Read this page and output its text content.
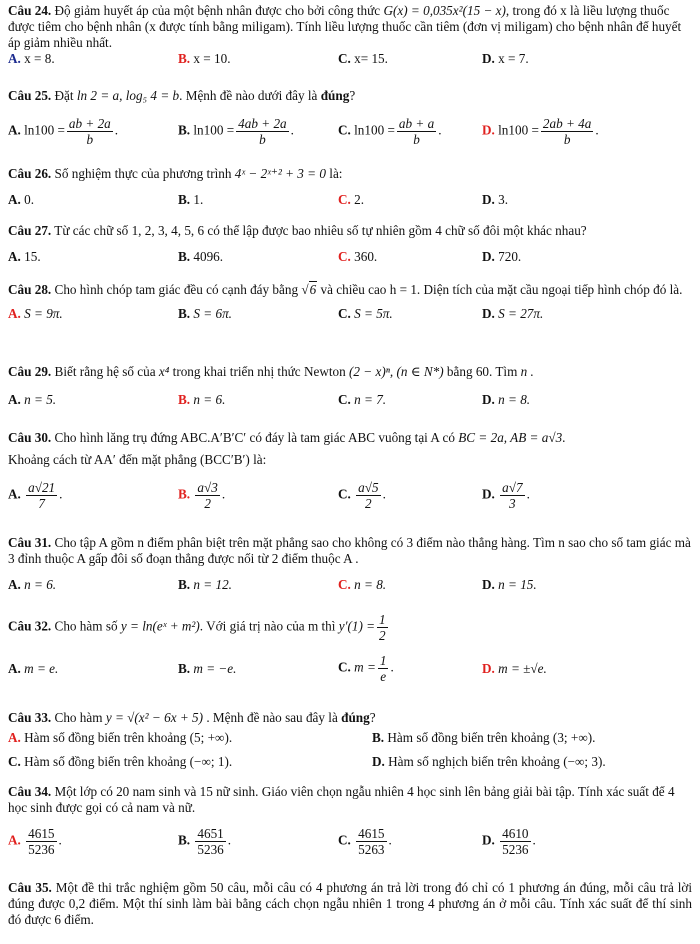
Câu 24. Độ giảm huyết áp của một bệnh nhân được cho bởi công thức G(x) = 0,035x²(15 − x), trong đó x là liều lượng thuốc được tiêm cho bệnh nhân (x được tính bằng miligam). Tính liều lượng thuốc cần tiêm (đơn vị miligam) cho bệnh nhân để huyết áp giảm nhiều nhất.

A. x = 8.	B. x = 10.	C. x= 15.	D. x = 7.

Câu 25. Đặt ln 2 = a, log₅ 4 = b. Mệnh đề nào dưới đây là đúng?

A. $\ln 100 = \frac{ab + 2a}{b}$ .	B. $\ln 100 = \frac{4ab + 2a}{b}$ .	C. $\ln 100 = \frac{ab + a}{b}$ .	D. $\ln 100 = \frac{2ab + 4a}{b}$ .

Câu 26. Số nghiệm thực của phương trình 4ˣ − 2ˣ⁺² + 3 = 0 là:

A. 0.	B. 1.	C. 2.	D. 3.

Câu 27. Từ các chữ số 1, 2, 3, 4, 5, 6 có thể lập được bao nhiêu số tự nhiên gồm 4 chữ số đôi một khác nhau?

A. 15.	B. 4096.	C. 360.	D. 720.

Câu 28. Cho hình chóp tam giác đều có cạnh đáy bằng √6 và chiều cao h = 1. Diện tích của mặt cầu ngoại tiếp hình chóp đó là.

A. S = 9π.	B. S = 6π.	C. S = 5π.	D. S = 27π.

Câu 29. Biết rằng hệ số của x⁴ trong khai triển nhị thức Newton (2 − x)ⁿ, (n ∈ N*) bằng 60. Tìm n .

A. n = 5.	B. n = 6.	C. n = 7.	D. n = 8.

Câu 30. Cho hình lăng trụ đứng ABC.A′B′C′ có đáy là tam giác ABC vuông tại A có BC = 2a, AB = a√3.

Khoảng cách từ AA′ đến mặt phẳng (BCC′B′) là:

A. $\frac{a√21}{7}$ .	B. $\frac{a√3}{2}$ .	C. $\frac{a√5}{2}$ .	D. $\frac{a√7}{3}$ .

Câu 31. Cho tập A gồm n điểm phân biệt trên mặt phẳng sao cho không có 3 điểm nào thẳng hàng. Tìm n sao cho số tam giác mà 3 đỉnh thuộc A gấp đôi số đoạn thẳng được nối từ 2 điểm thuộc A .

A. n = 6.	B. n = 12.	C. n = 8.	D. n = 15.

Câu 32. Cho hàm số y = ln(eˣ + m²). Với giá trị nào của m thì $y'(1) = \frac{1}{2}$

A. m = e.	B. m = −e.	C. $m = \frac{1}{e}$ .	D. m = ±√e.

Câu 33. Cho hàm y = √(x² − 6x + 5) . Mệnh đề nào sau đây là đúng?

A. Hàm số đồng biến trên khoảng (5; +∞).	B. Hàm số đồng biến trên khoảng (3; +∞).
C. Hàm số đồng biến trên khoảng (−∞; 1).	D. Hàm số nghịch biến trên khoảng (−∞; 3).

Câu 34. Một lớp có 20 nam sinh và 15 nữ sinh. Giáo viên chọn ngẫu nhiên 4 học sinh lên bảng giải bài tập. Tính xác suất để 4 học sinh được gọi có cả nam và nữ.

A. $\frac{4615}{5236}$ .	B. $\frac{4651}{5236}$ .	C. $\frac{4615}{5263}$ .	D. $\frac{4610}{5236}$ .

Câu 35. Một đề thi trắc nghiệm gồm 50 câu, mỗi câu có 4 phương án trả lời trong đó chỉ có 1 phương án đúng, mỗi câu trả lời đúng được 0,2 điểm. Một thí sinh làm bài bằng cách chọn ngẫu nhiên 1 trong 4 phương án ở mỗi câu. Tính xác suất để thí sinh đó được 6 điểm.
